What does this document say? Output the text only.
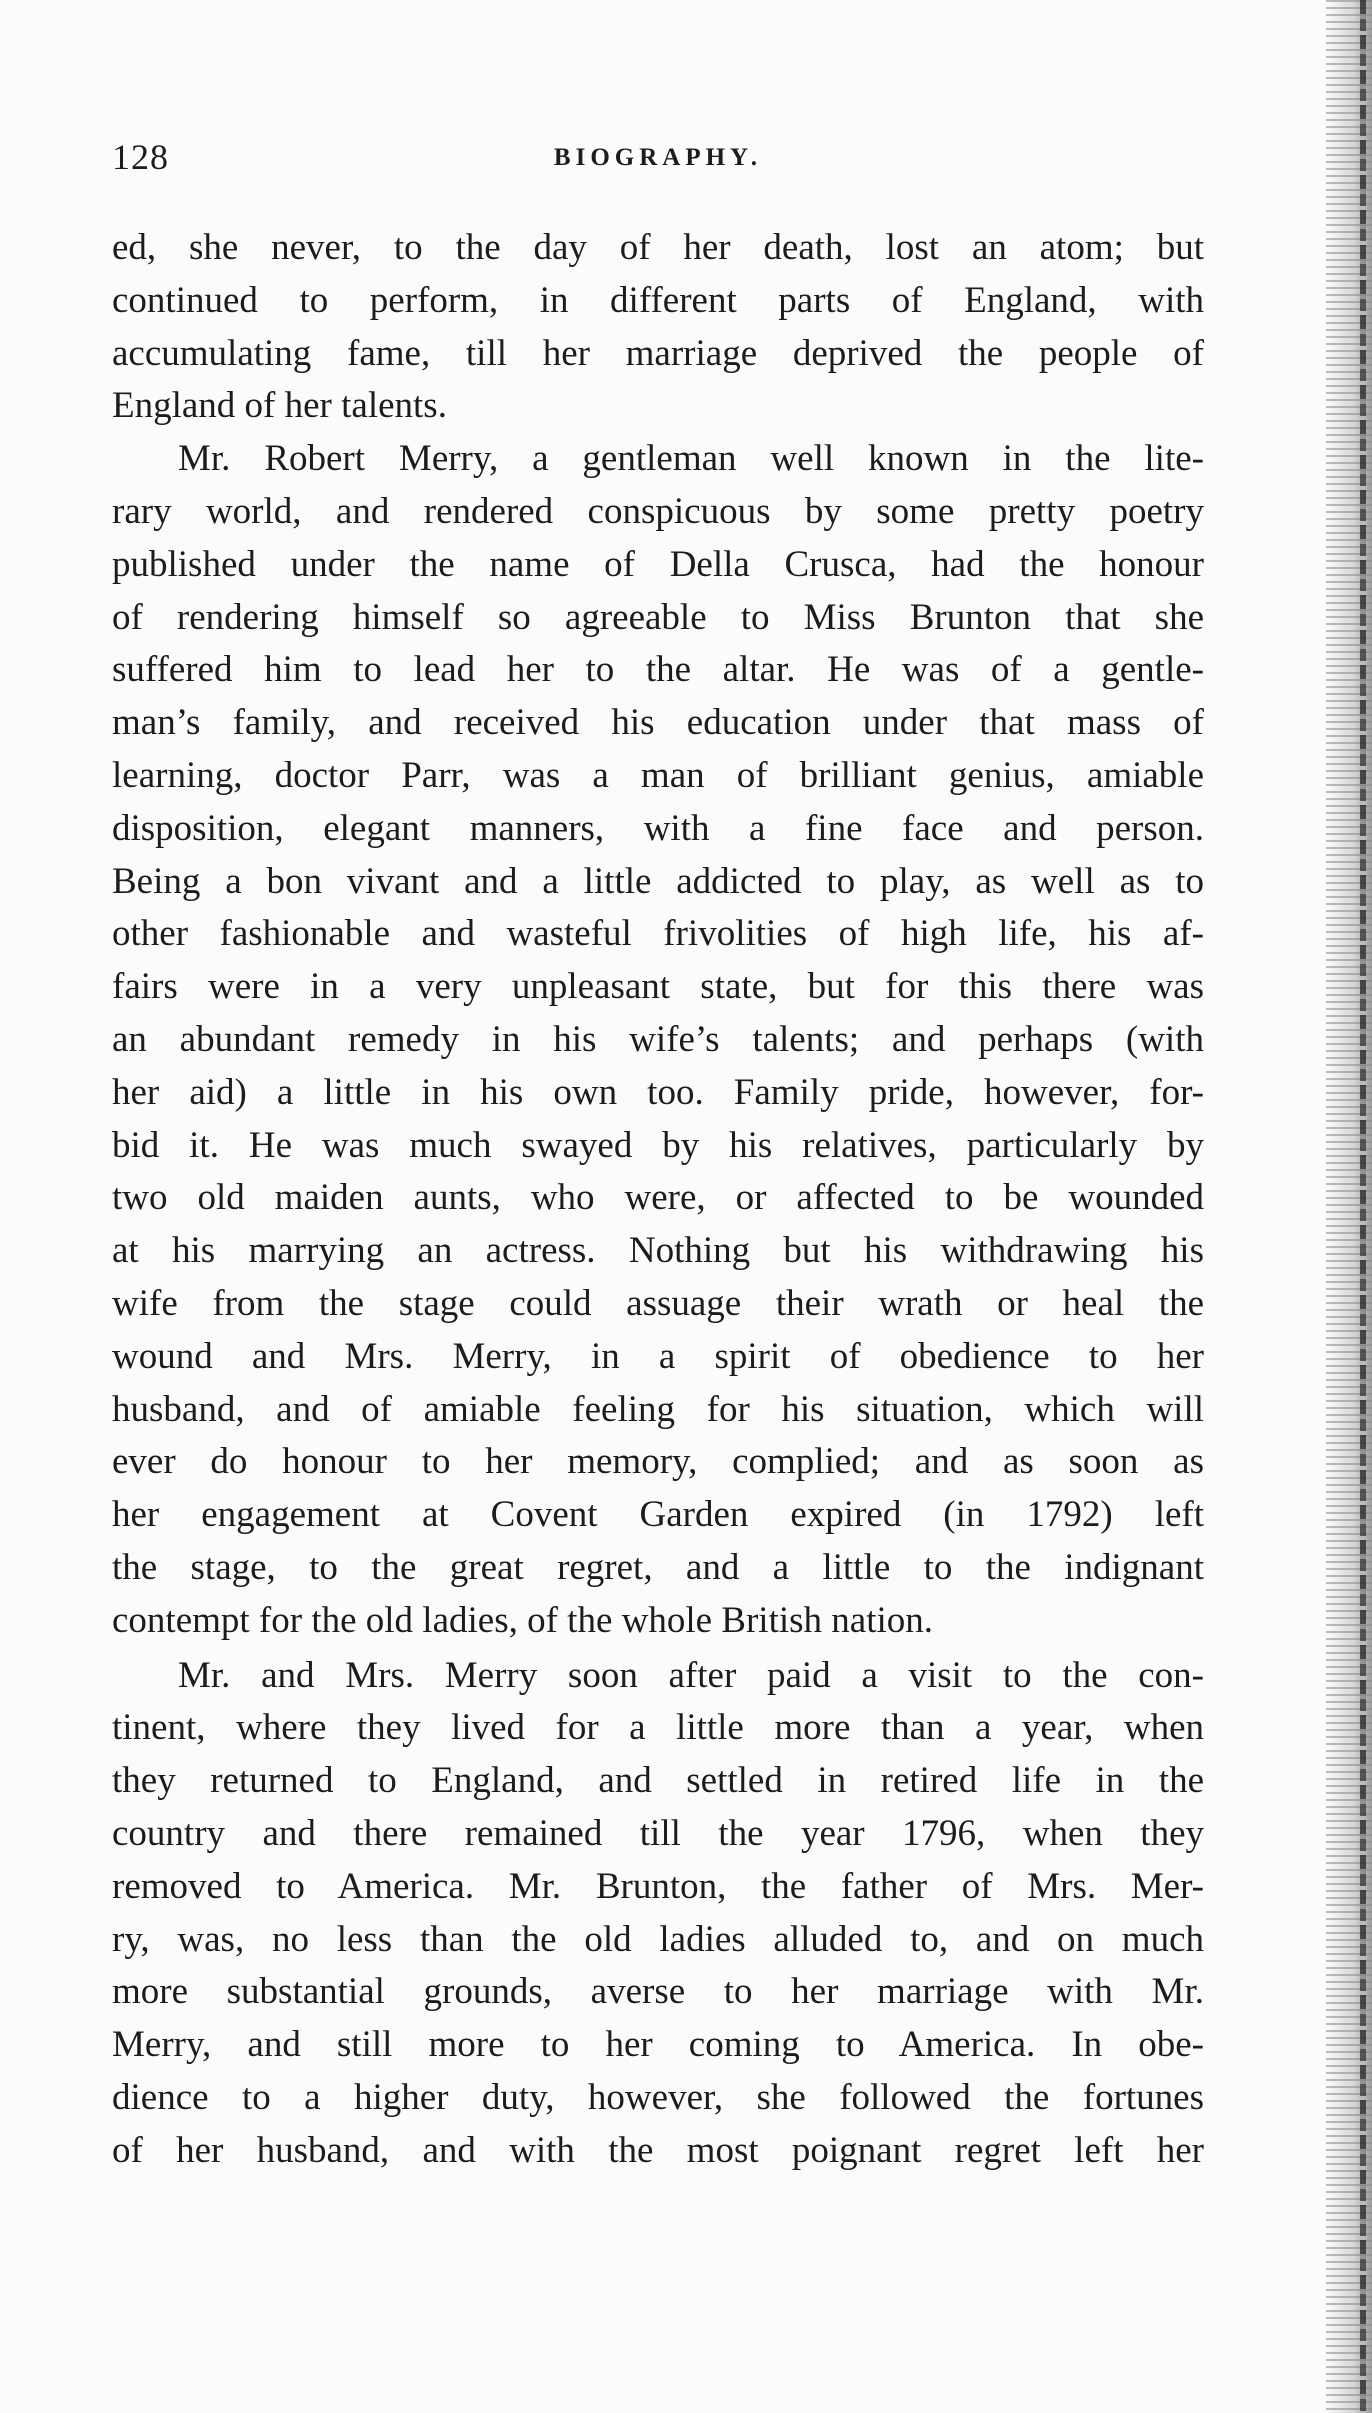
128	BIOGRAPHY.
ed, she never, to the day of her death, lost an atom; but
continued to perform, in different parts of England, with
accumulating fame, till her marriage deprived the people of
England of her talents.
Mr. Robert Merry, a gentleman well known in the lite-
rary world, and rendered conspicuous by some pretty poetry
published under the name of Della Crusca, had the honour
of rendering himself so agreeable to Miss Brunton that she
suffered him to lead her to the altar. He was of a gentle-
man’s family, and received his education under that mass of
learning, doctor Parr, was a man of brilliant genius, amiable
disposition, elegant manners, with a fine face and person.
Being a bon vivant and a little addicted to play, as well as to
other fashionable and wasteful frivolities of high life, his af-
fairs were in a very unpleasant state, but for this there was
an abundant remedy in his wife’s talents; and perhaps (with
her aid) a little in his own too. Family pride, however, for-
bid it. He was much swayed by his relatives, particularly by
two old maiden aunts, who were, or affected to be wounded
at his marrying an actress. Nothing but his withdrawing his
wife from the stage could assuage their wrath or heal the
wound and Mrs. Merry, in a spirit of obedience to her
husband, and of amiable feeling for his situation, which will
ever do honour to her memory, complied; and as soon as
her engagement at Covent Garden expired (in 1792) left
the stage, to the great regret, and a little to the indignant
contempt for the old ladies, of the whole British nation.
Mr. and Mrs. Merry soon after paid a visit to the con-
tinent, where they lived for a little more than a year, when
they returned to England, and settled in retired life in the
country and there remained till the year 1796, when they
removed to America. Mr. Brunton, the father of Mrs. Mer-
ry, was, no less than the old ladies alluded to, and on much
more substantial grounds, averse to her marriage with Mr.
Merry, and still more to her coming to America. In obe-
dience to a higher duty, however, she followed the fortunes
of her husband, and with the most poignant regret left her
